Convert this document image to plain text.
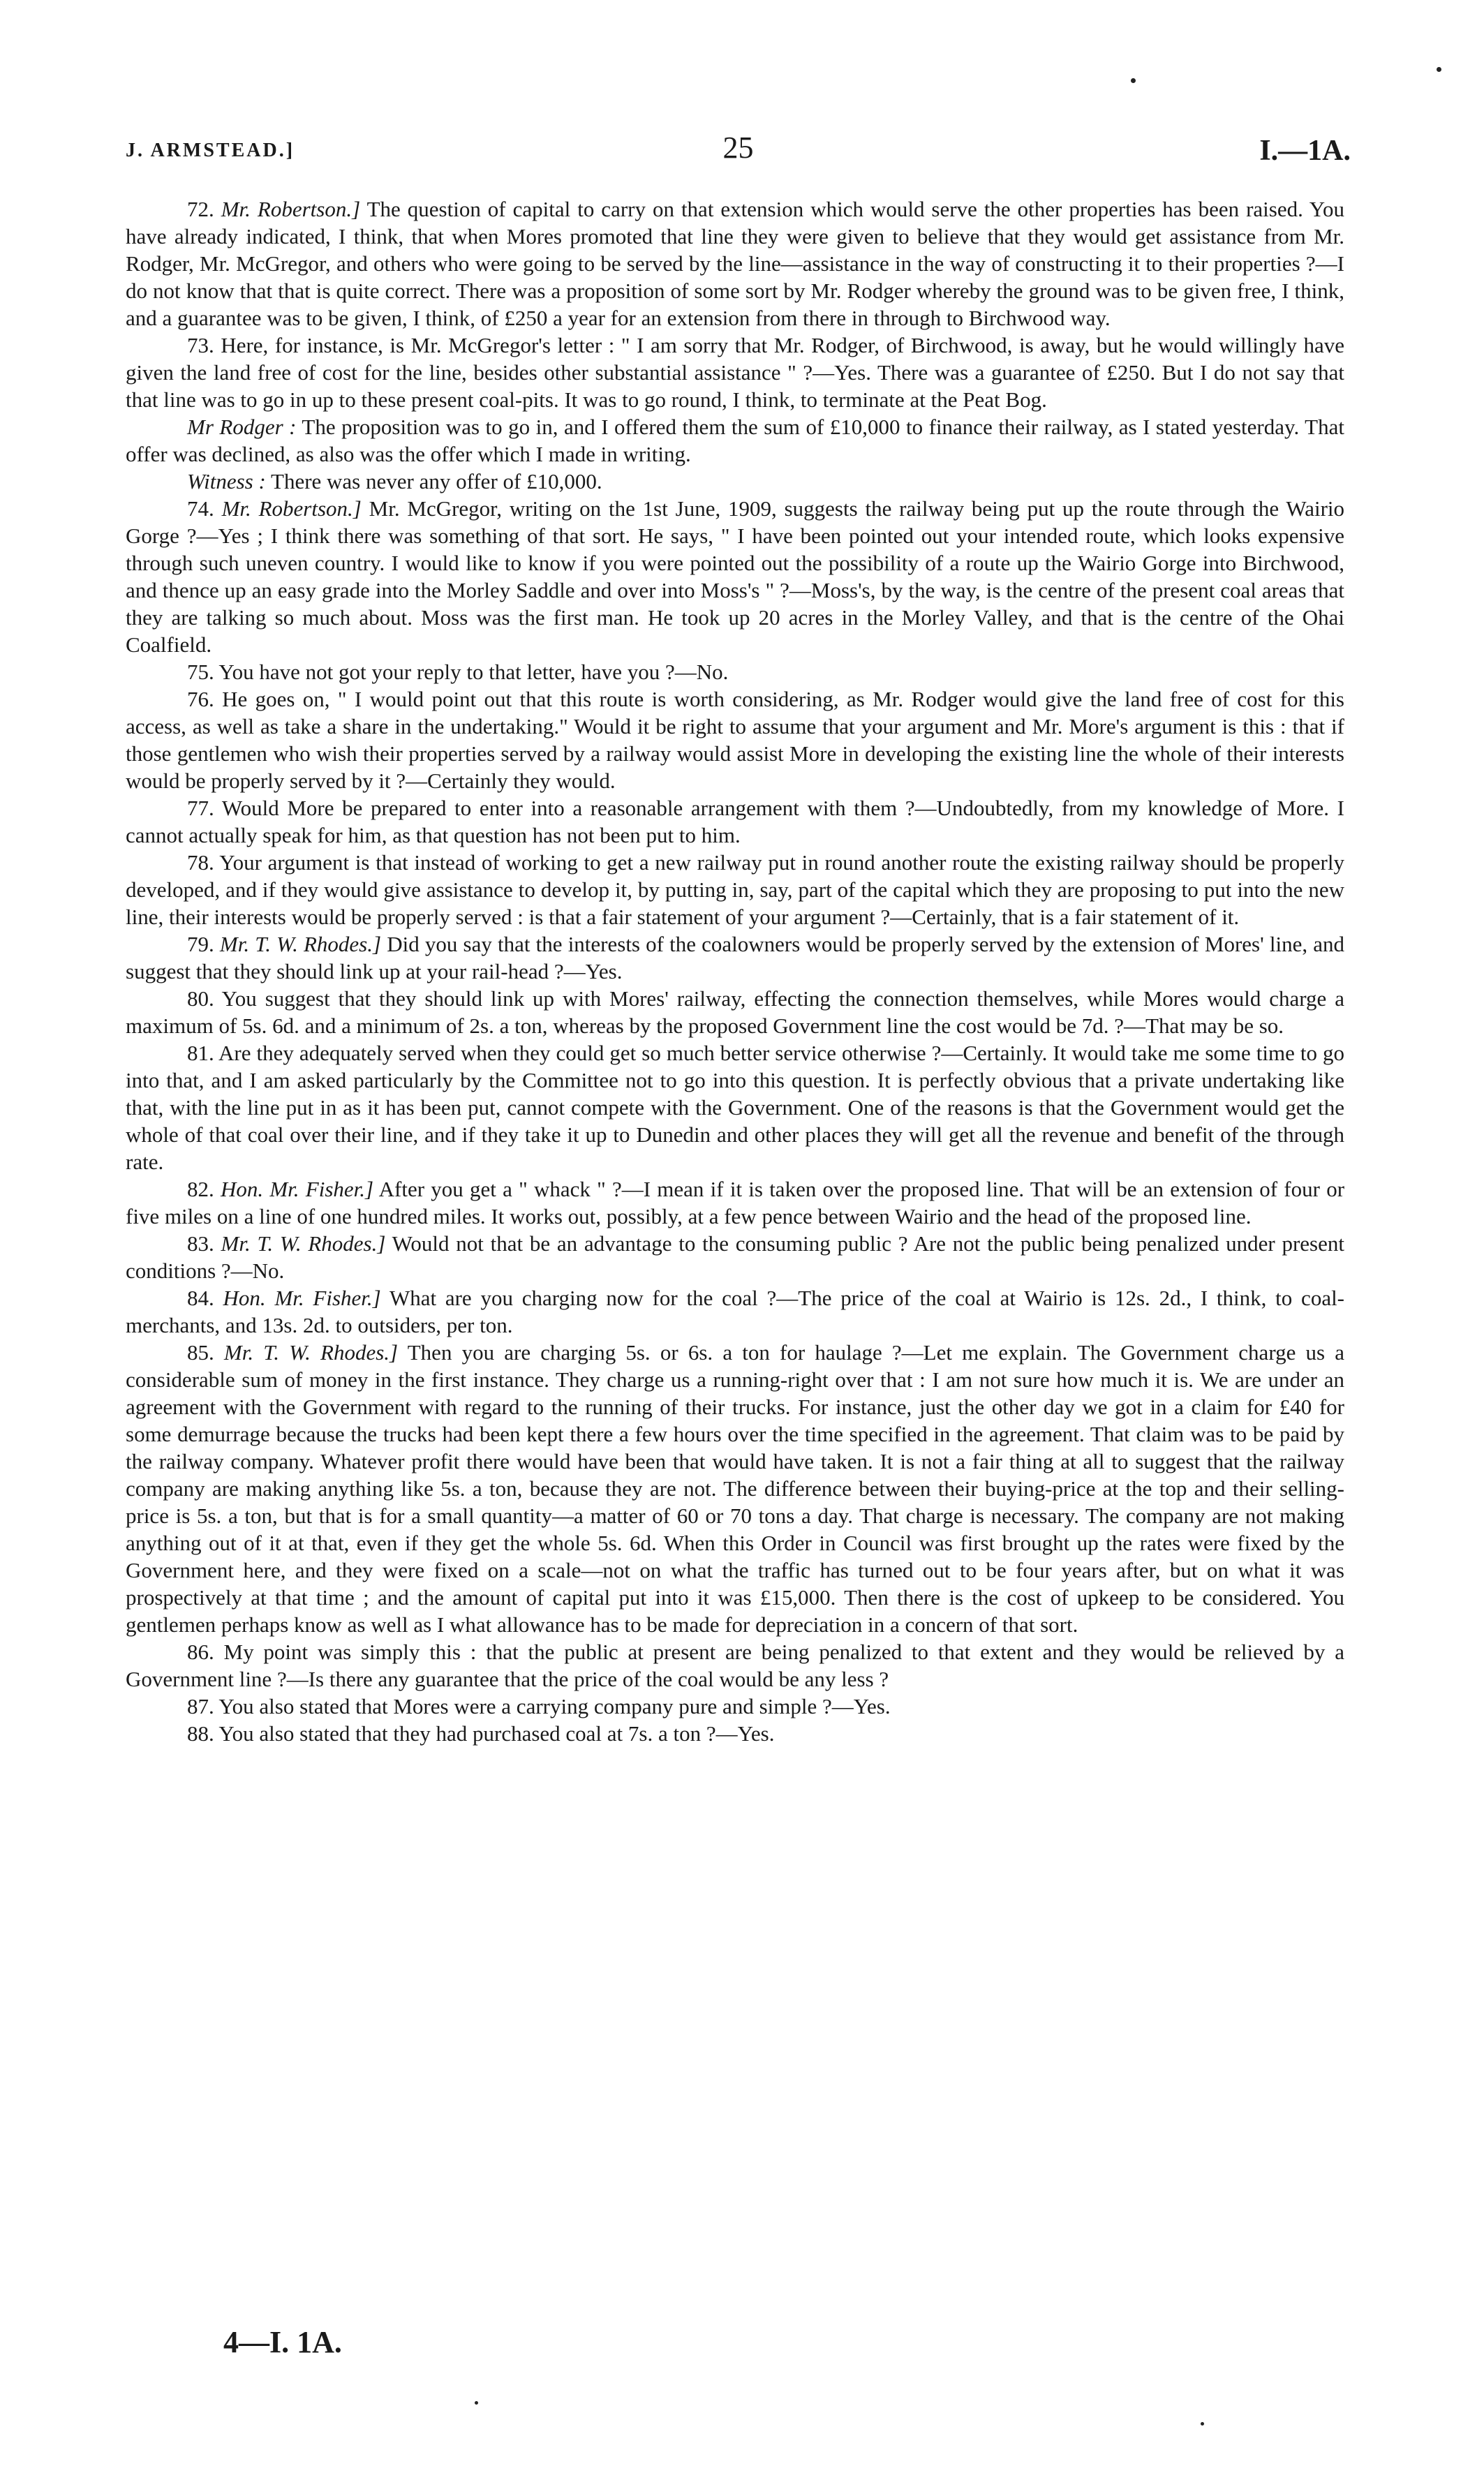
J. ARMSTEAD.]	25	I.—1A.

72. Mr. Robertson.] The question of capital to carry on that extension which would serve the other properties has been raised. You have already indicated, I think, that when Mores promoted that line they were given to believe that they would get assistance from Mr. Rodger, Mr. McGregor, and others who were going to be served by the line—assistance in the way of constructing it to their properties ?—I do not know that that is quite correct. There was a proposition of some sort by Mr. Rodger whereby the ground was to be given free, I think, and a guarantee was to be given, I think, of £250 a year for an extension from there in through to Birchwood way.

73. Here, for instance, is Mr. McGregor's letter : " I am sorry that Mr. Rodger, of Birchwood, is away, but he would willingly have given the land free of cost for the line, besides other substantial assistance " ?—Yes. There was a guarantee of £250. But I do not say that that line was to go in up to these present coal-pits. It was to go round, I think, to terminate at the Peat Bog.

Mr Rodger : The proposition was to go in, and I offered them the sum of £10,000 to finance their railway, as I stated yesterday. That offer was declined, as also was the offer which I made in writing.

Witness : There was never any offer of £10,000.

74. Mr. Robertson.] Mr. McGregor, writing on the 1st June, 1909, suggests the railway being put up the route through the Wairio Gorge ?—Yes ; I think there was something of that sort. He says, " I have been pointed out your intended route, which looks expensive through such uneven country. I would like to know if you were pointed out the possibility of a route up the Wairio Gorge into Birchwood, and thence up an easy grade into the Morley Saddle and over into Moss's " ?—Moss's, by the way, is the centre of the present coal areas that they are talking so much about. Moss was the first man. He took up 20 acres in the Morley Valley, and that is the centre of the Ohai Coalfield.

75. You have not got your reply to that letter, have you ?—No.

76. He goes on, " I would point out that this route is worth considering, as Mr. Rodger would give the land free of cost for this access, as well as take a share in the undertaking." Would it be right to assume that your argument and Mr. More's argument is this : that if those gentlemen who wish their properties served by a railway would assist More in developing the existing line the whole of their interests would be properly served by it ?—Certainly they would.

77. Would More be prepared to enter into a reasonable arrangement with them ?—Undoubtedly, from my knowledge of More. I cannot actually speak for him, as that question has not been put to him.

78. Your argument is that instead of working to get a new railway put in round another route the existing railway should be properly developed, and if they would give assistance to develop it, by putting in, say, part of the capital which they are proposing to put into the new line, their interests would be properly served : is that a fair statement of your argument ?—Certainly, that is a fair statement of it.

79. Mr. T. W. Rhodes.] Did you say that the interests of the coalowners would be properly served by the extension of Mores' line, and suggest that they should link up at your rail-head ?—Yes.

80. You suggest that they should link up with Mores' railway, effecting the connection themselves, while Mores would charge a maximum of 5s. 6d. and a minimum of 2s. a ton, whereas by the proposed Government line the cost would be 7d. ?—That may be so.

81. Are they adequately served when they could get so much better service otherwise ?—Certainly. It would take me some time to go into that, and I am asked particularly by the Committee not to go into this question. It is perfectly obvious that a private undertaking like that, with the line put in as it has been put, cannot compete with the Government. One of the reasons is that the Government would get the whole of that coal over their line, and if they take it up to Dunedin and other places they will get all the revenue and benefit of the through rate.

82. Hon. Mr. Fisher.] After you get a " whack " ?—I mean if it is taken over the proposed line. That will be an extension of four or five miles on a line of one hundred miles. It works out, possibly, at a few pence between Wairio and the head of the proposed line.

83. Mr. T. W. Rhodes.] Would not that be an advantage to the consuming public ? Are not the public being penalized under present conditions ?—No.

84. Hon. Mr. Fisher.] What are you charging now for the coal ?—The price of the coal at Wairio is 12s. 2d., I think, to coal-merchants, and 13s. 2d. to outsiders, per ton.

85. Mr. T. W. Rhodes.] Then you are charging 5s. or 6s. a ton for haulage ?—Let me explain. The Government charge us a considerable sum of money in the first instance. They charge us a running-right over that : I am not sure how much it is. We are under an agreement with the Government with regard to the running of their trucks. For instance, just the other day we got in a claim for £40 for some demurrage because the trucks had been kept there a few hours over the time specified in the agreement. That claim was to be paid by the railway company. Whatever profit there would have been that would have taken. It is not a fair thing at all to suggest that the railway company are making anything like 5s. a ton, because they are not. The difference between their buying-price at the top and their selling-price is 5s. a ton, but that is for a small quantity—a matter of 60 or 70 tons a day. That charge is necessary. The company are not making anything out of it at that, even if they get the whole 5s. 6d. When this Order in Council was first brought up the rates were fixed by the Government here, and they were fixed on a scale—not on what the traffic has turned out to be four years after, but on what it was prospectively at that time ; and the amount of capital put into it was £15,000. Then there is the cost of upkeep to be considered. You gentlemen perhaps know as well as I what allowance has to be made for depreciation in a concern of that sort.

86. My point was simply this : that the public at present are being penalized to that extent and they would be relieved by a Government line ?—Is there any guarantee that the price of the coal would be any less ?

87. You also stated that Mores were a carrying company pure and simple ?—Yes.

88. You also stated that they had purchased coal at 7s. a ton ?—Yes.

4—I. 1A.
